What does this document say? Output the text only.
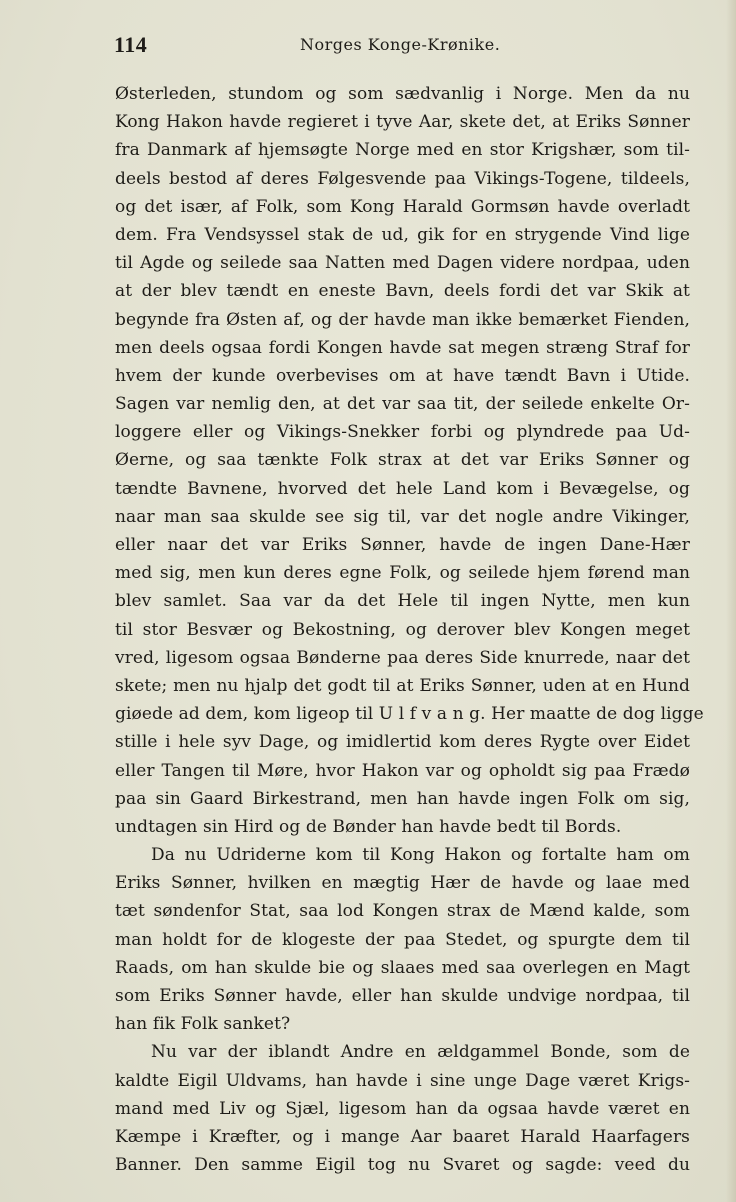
114	Norges Konge-Krønike.
Østerleden, stundom og som sædvanlig i Norge. Men da nu
Kong Hakon havde regieret i tyve Aar, skete det, at Eriks Sønner
fra Danmark af hjemsøgte Norge med en stor Krigshær, som til-
deels bestod af deres Følgesvende paa Vikings-Togene, tildeels,
og det især, af Folk, som Kong Harald Gormsøn havde overladt
dem. Fra Vendsyssel stak de ud, gik for en strygende Vind lige
til Agde og seilede saa Natten med Dagen videre nordpaa, uden
at der blev tændt en eneste Bavn, deels fordi det var Skik at
begynde fra Østen af, og der havde man ikke bemærket Fienden,
men deels ogsaa fordi Kongen havde sat megen stræng Straf for
hvem der kunde overbevises om at have tændt Bavn i Utide.
Sagen var nemlig den, at det var saa tit, der seilede enkelte Or-
loggere eller og Vikings-Snekker forbi og plyndrede paa Ud-
Øerne, og saa tænkte Folk strax at det var Eriks Sønner og
tændte Bavnene, hvorved det hele Land kom i Bevægelse, og
naar man saa skulde see sig til, var det nogle andre Vikinger,
eller naar det var Eriks Sønner, havde de ingen Dane-Hær
med sig, men kun deres egne Folk, og seilede hjem førend man
blev samlet. Saa var da det Hele til ingen Nytte, men kun
til stor Besvær og Bekostning, og derover blev Kongen meget
vred, ligesom ogsaa Bønderne paa deres Side knurrede, naar det
skete; men nu hjalp det godt til at Eriks Sønner, uden at en Hund
giøede ad dem, kom ligeop til U l f v a n g. Her maatte de dog ligge
stille i hele syv Dage, og imidlertid kom deres Rygte over Eidet
eller Tangen til Møre, hvor Hakon var og opholdt sig paa Frædø
paa sin Gaard Birkestrand, men han havde ingen Folk om sig,
undtagen sin Hird og de Bønder han havde bedt til Bords.
Da nu Udriderne kom til Kong Hakon og fortalte ham om
Eriks Sønner, hvilken en mægtig Hær de havde og laae med
tæt søndenfor Stat, saa lod Kongen strax de Mænd kalde, som
man holdt for de klogeste der paa Stedet, og spurgte dem til
Raads, om han skulde bie og slaaes med saa overlegen en Magt
som Eriks Sønner havde, eller han skulde undvige nordpaa, til
han fik Folk sanket?
Nu var der iblandt Andre en ældgammel Bonde, som de
kaldte Eigil Uldvams, han havde i sine unge Dage været Krigs-
mand med Liv og Sjæl, ligesom han da ogsaa havde været en
Kæmpe i Kræfter, og i mange Aar baaret Harald Haarfagers
Banner. Den samme Eigil tog nu Svaret og sagde: veed du
